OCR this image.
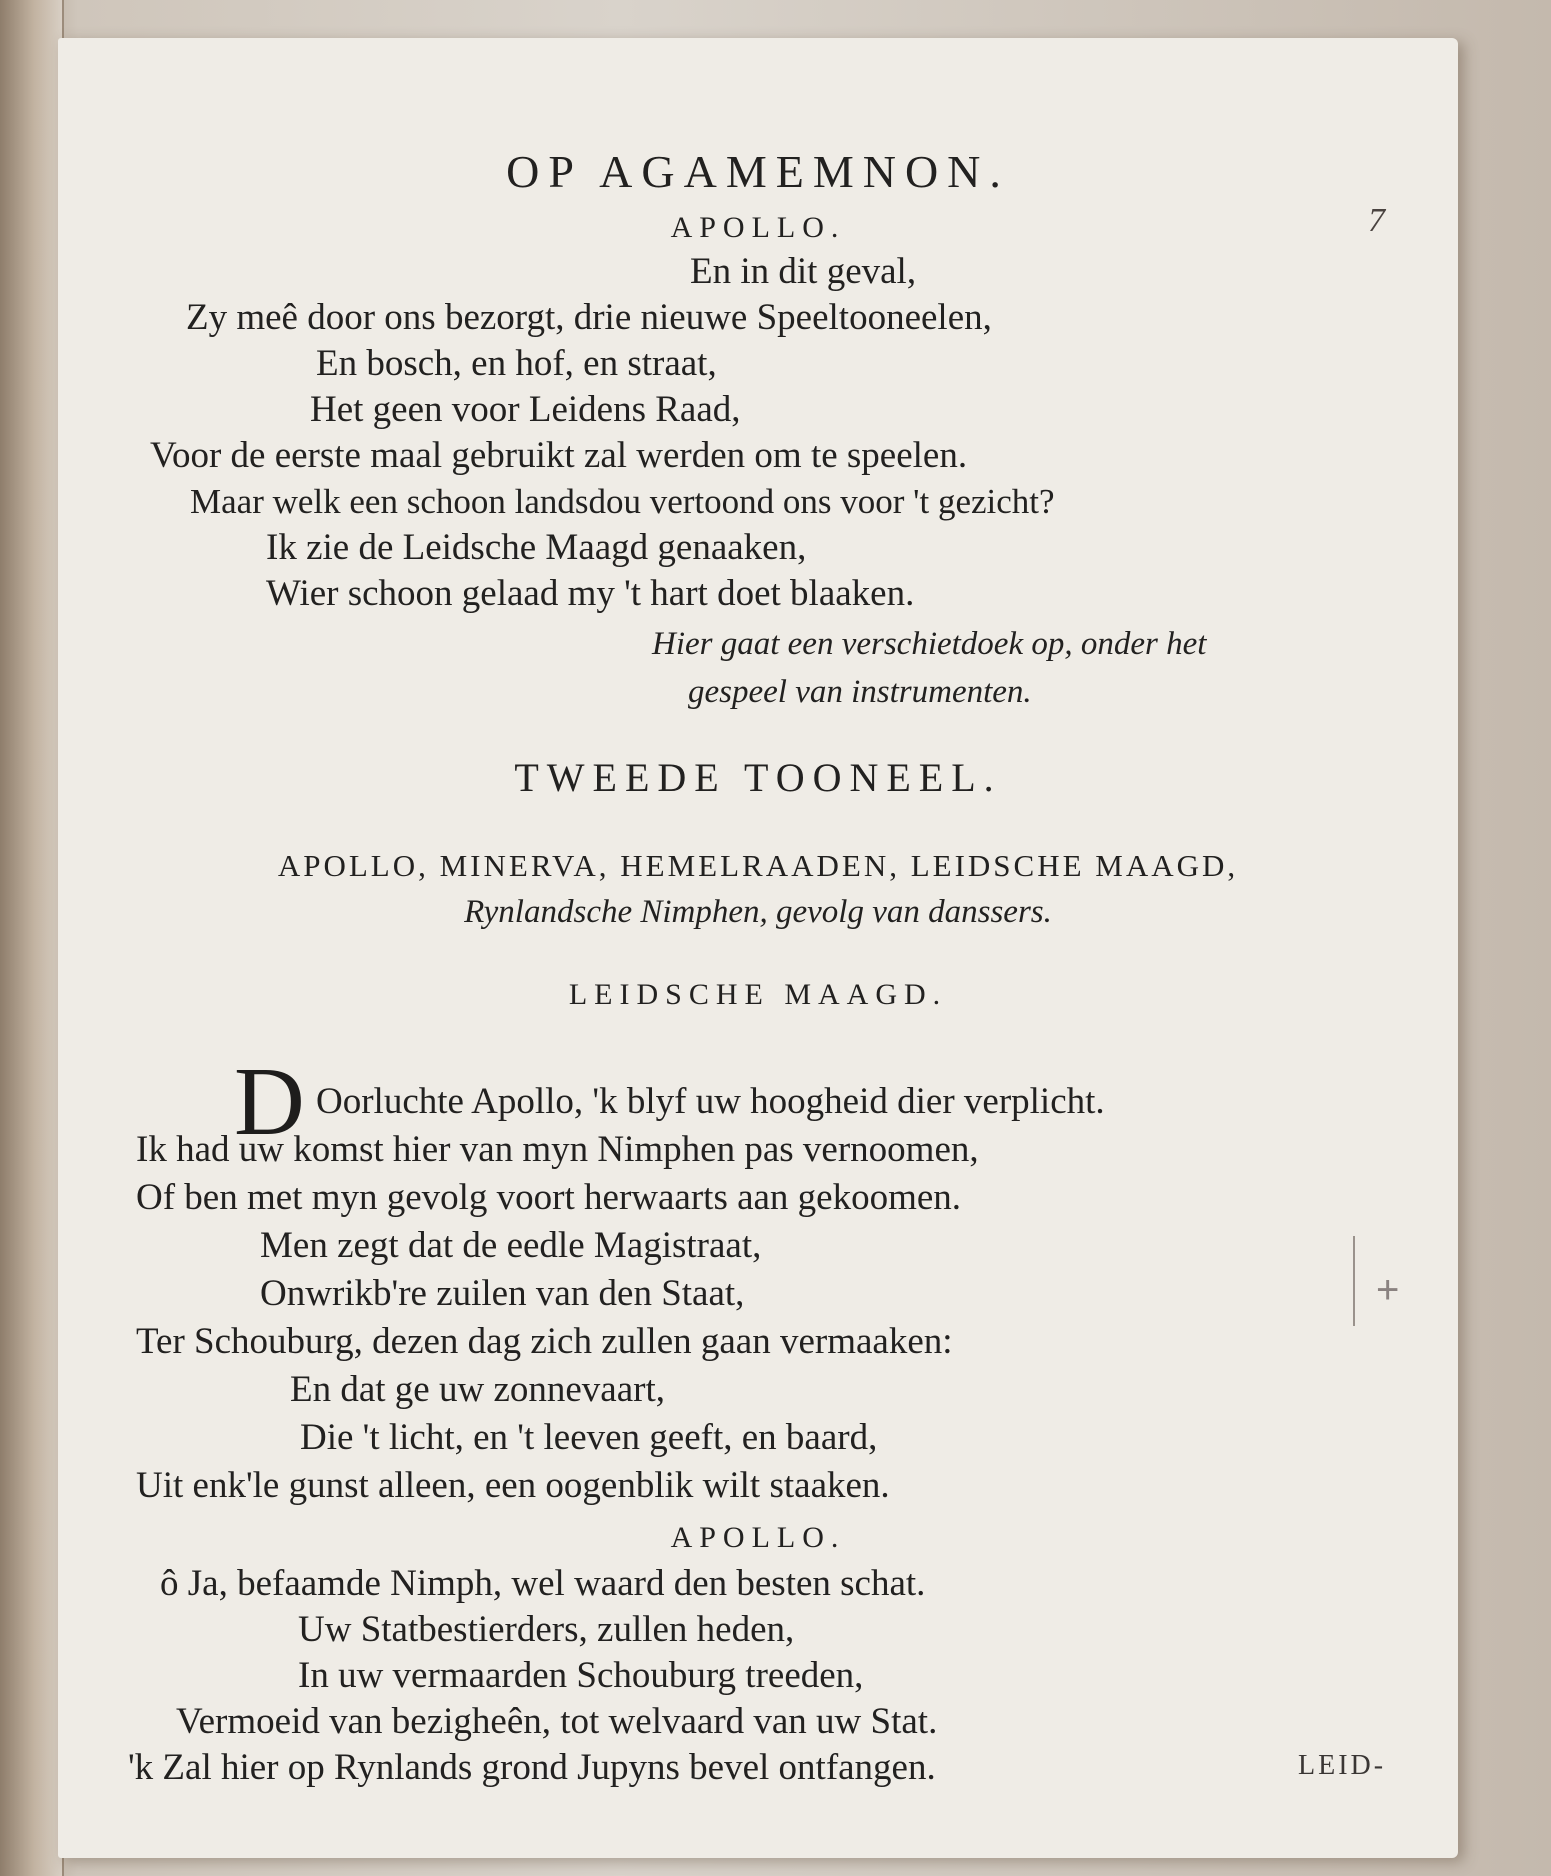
OP AGAMEMNON.
7
APOLLO.
En in dit geval,
Zy meê door ons bezorgt, drie nieuwe Speeltooneelen,
En bosch, en hof, en straat,
Het geen voor Leidens Raad,
Voor de eerste maal gebruikt zal werden om te speelen.
Maar welk een schoon landsdou vertoond ons voor 't gezicht?
Ik zie de Leidsche Maagd genaaken,
Wier schoon gelaad my 't hart doet blaaken.
Hier gaat een verschietdoek op, onder het
gespeel van instrumenten.
TWEEDE TOONEEL.
APOLLO, MINERVA, HEMELRAADEN, LEIDSCHE MAAGD,
Rynlandsche Nimphen, gevolg van danssers.
LEIDSCHE MAAGD.
D Oorluchte Apollo, 'k blyf uw hoogheid dier verplicht.
Ik had uw komst hier van myn Nimphen pas vernoomen,
Of ben met myn gevolg voort herwaarts aan gekoomen.
Men zegt dat de eedle Magistraat,
Onwrikb're zuilen van den Staat,
Ter Schouburg, dezen dag zich zullen gaan vermaaken:
En dat ge uw zonnevaart,
Die 't licht, en 't leeven geeft, en baard,
Uit enk'le gunst alleen, een oogenblik wilt staaken.
APOLLO.
ô Ja, befaamde Nimph, wel waard den besten schat.
Uw Statbestierders, zullen heden,
In uw vermaarden Schouburg treeden,
Vermoeid van bezigheên, tot welvaard van uw Stat.
'k Zal hier op Rynlands grond Jupyns bevel ontfangen.	LEID-
+
